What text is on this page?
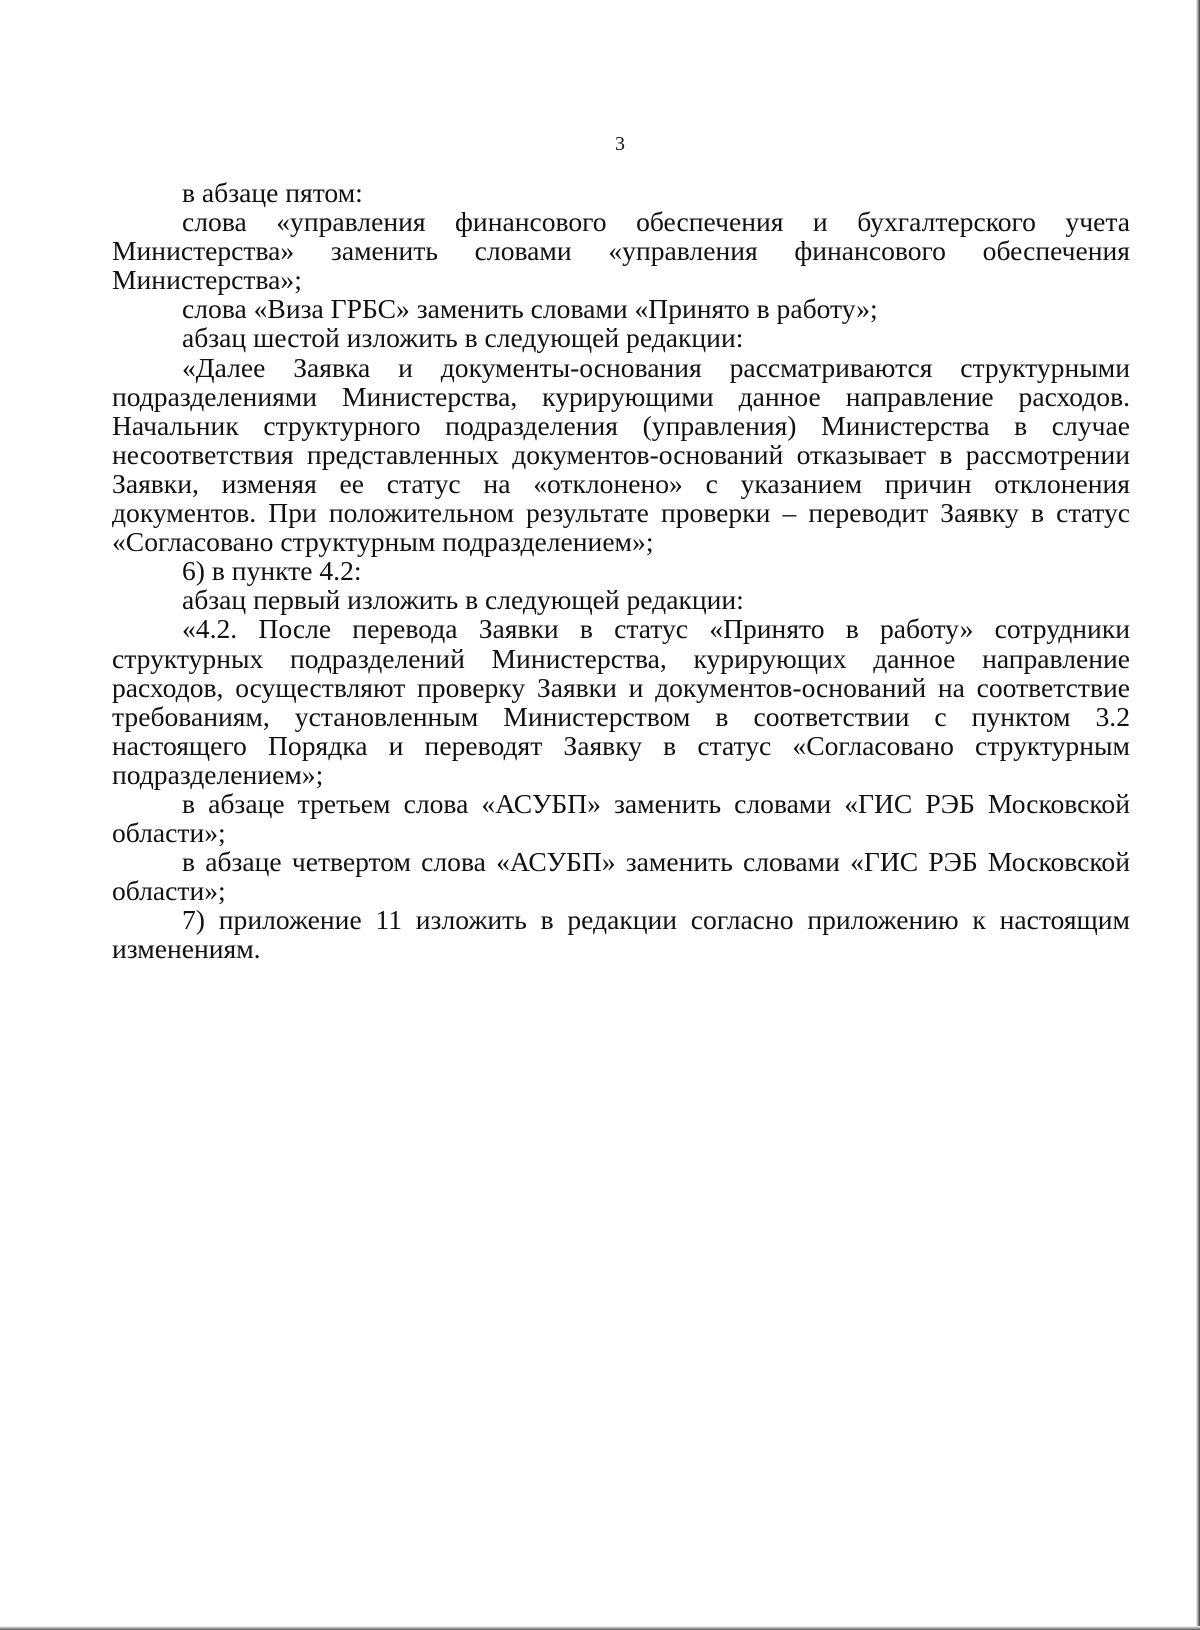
3

в абзаце пятом:

слова «управления финансового обеспечения и бухгалтерского учета Министерства» заменить словами «управления финансового обеспечения Министерства»;

слова «Виза ГРБС» заменить словами «Принято в работу»;

абзац шестой изложить в следующей редакции:

«Далее Заявка и документы-основания рассматриваются структурными подразделениями Министерства, курирующими данное направление расходов. Начальник структурного подразделения (управления) Министерства в случае несоответствия представленных документов-оснований отказывает в рассмотрении Заявки, изменяя ее статус на «отклонено» с указанием причин отклонения документов. При положительном результате проверки – переводит Заявку в статус «Согласовано структурным подразделением»;

6) в пункте 4.2:

абзац первый изложить в следующей редакции:

«4.2. После перевода Заявки в статус «Принято в работу» сотрудники структурных подразделений Министерства, курирующих данное направление расходов, осуществляют проверку Заявки и документов-оснований на соответствие требованиям, установленным Министерством в соответствии с пунктом 3.2 настоящего Порядка и переводят Заявку в статус «Согласовано структурным подразделением»;

в абзаце третьем слова «АСУБП» заменить словами «ГИС РЭБ Московской области»;

в абзаце четвертом слова «АСУБП» заменить словами «ГИС РЭБ Московской области»;

7) приложение 11 изложить в редакции согласно приложению к настоящим изменениям.
